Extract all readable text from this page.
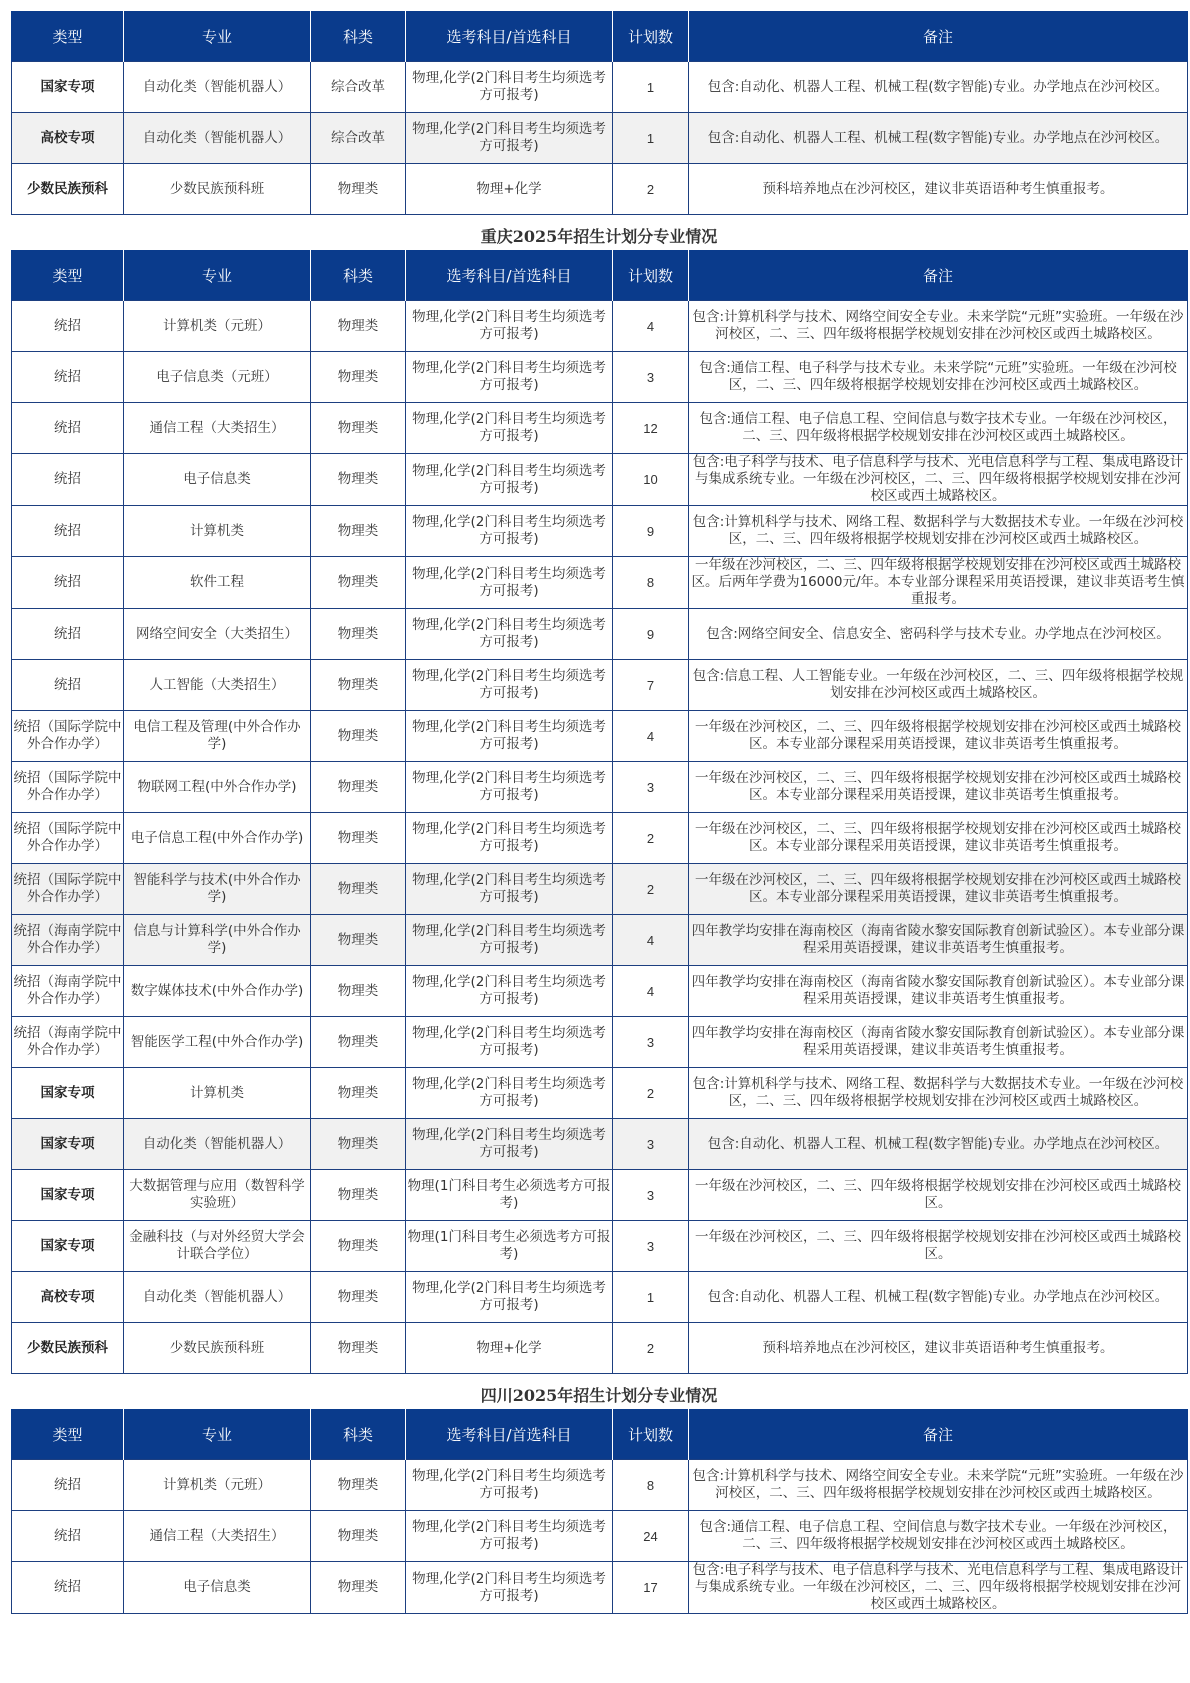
类型	专业	科类	选考科目/首选科目	计划数	备注
国家专项	自动化类（智能机器人）	综合改革	物理,化学(2门科目考生均须选考方可报考)	1	包含:自动化、机器人工程、机械工程(数字智能)专业。办学地点在沙河校区。
高校专项	自动化类（智能机器人）	综合改革	物理,化学(2门科目考生均须选考方可报考)	1	包含:自动化、机器人工程、机械工程(数字智能)专业。办学地点在沙河校区。
少数民族预科	少数民族预科班	物理类	物理+化学	2	预科培养地点在沙河校区，建议非英语语种考生慎重报考。
重庆2025年招生计划分专业情况
类型	专业	科类	选考科目/首选科目	计划数	备注
统招	计算机类（元班）	物理类	物理,化学(2门科目考生均须选考方可报考)	4	包含:计算机科学与技术、网络空间安全专业。未来学院“元班”实验班。一年级在沙河校区，二、三、四年级将根据学校规划安排在沙河校区或西土城路校区。
统招	电子信息类（元班）	物理类	物理,化学(2门科目考生均须选考方可报考)	3	包含:通信工程、电子科学与技术专业。未来学院“元班”实验班。一年级在沙河校区，二、三、四年级将根据学校规划安排在沙河校区或西土城路校区。
统招	通信工程（大类招生）	物理类	物理,化学(2门科目考生均须选考方可报考)	12	包含:通信工程、电子信息工程、空间信息与数字技术专业。一年级在沙河校区，二、三、四年级将根据学校规划安排在沙河校区或西土城路校区。
统招	电子信息类	物理类	物理,化学(2门科目考生均须选考方可报考)	10	包含:电子科学与技术、电子信息科学与技术、光电信息科学与工程、集成电路设计与集成系统专业。一年级在沙河校区，二、三、四年级将根据学校规划安排在沙河校区或西土城路校区。
统招	计算机类	物理类	物理,化学(2门科目考生均须选考方可报考)	9	包含:计算机科学与技术、网络工程、数据科学与大数据技术专业。一年级在沙河校区，二、三、四年级将根据学校规划安排在沙河校区或西土城路校区。
统招	软件工程	物理类	物理,化学(2门科目考生均须选考方可报考)	8	一年级在沙河校区，二、三、四年级将根据学校规划安排在沙河校区或西土城路校区。后两年学费为16000元/年。本专业部分课程采用英语授课，建议非英语考生慎重报考。
统招	网络空间安全（大类招生）	物理类	物理,化学(2门科目考生均须选考方可报考)	9	包含:网络空间安全、信息安全、密码科学与技术专业。办学地点在沙河校区。
统招	人工智能（大类招生）	物理类	物理,化学(2门科目考生均须选考方可报考)	7	包含:信息工程、人工智能专业。一年级在沙河校区，二、三、四年级将根据学校规划安排在沙河校区或西土城路校区。
统招（国际学院中外合作办学）	电信工程及管理(中外合作办学)	物理类	物理,化学(2门科目考生均须选考方可报考)	4	一年级在沙河校区，二、三、四年级将根据学校规划安排在沙河校区或西土城路校区。本专业部分课程采用英语授课，建议非英语考生慎重报考。
统招（国际学院中外合作办学）	物联网工程(中外合作办学)	物理类	物理,化学(2门科目考生均须选考方可报考)	3	一年级在沙河校区，二、三、四年级将根据学校规划安排在沙河校区或西土城路校区。本专业部分课程采用英语授课，建议非英语考生慎重报考。
统招（国际学院中外合作办学）	电子信息工程(中外合作办学)	物理类	物理,化学(2门科目考生均须选考方可报考)	2	一年级在沙河校区，二、三、四年级将根据学校规划安排在沙河校区或西土城路校区。本专业部分课程采用英语授课，建议非英语考生慎重报考。
统招（国际学院中外合作办学）	智能科学与技术(中外合作办学)	物理类	物理,化学(2门科目考生均须选考方可报考)	2	一年级在沙河校区，二、三、四年级将根据学校规划安排在沙河校区或西土城路校区。本专业部分课程采用英语授课，建议非英语考生慎重报考。
统招（海南学院中外合作办学）	信息与计算科学(中外合作办学)	物理类	物理,化学(2门科目考生均须选考方可报考)	4	四年教学均安排在海南校区（海南省陵水黎安国际教育创新试验区）。本专业部分课程采用英语授课，建议非英语考生慎重报考。
统招（海南学院中外合作办学）	数字媒体技术(中外合作办学)	物理类	物理,化学(2门科目考生均须选考方可报考)	4	四年教学均安排在海南校区（海南省陵水黎安国际教育创新试验区）。本专业部分课程采用英语授课，建议非英语考生慎重报考。
统招（海南学院中外合作办学）	智能医学工程(中外合作办学)	物理类	物理,化学(2门科目考生均须选考方可报考)	3	四年教学均安排在海南校区（海南省陵水黎安国际教育创新试验区）。本专业部分课程采用英语授课，建议非英语考生慎重报考。
国家专项	计算机类	物理类	物理,化学(2门科目考生均须选考方可报考)	2	包含:计算机科学与技术、网络工程、数据科学与大数据技术专业。一年级在沙河校区，二、三、四年级将根据学校规划安排在沙河校区或西土城路校区。
国家专项	自动化类（智能机器人）	物理类	物理,化学(2门科目考生均须选考方可报考)	3	包含:自动化、机器人工程、机械工程(数字智能)专业。办学地点在沙河校区。
国家专项	大数据管理与应用（数智科学实验班）	物理类	物理(1门科目考生必须选考方可报考)	3	一年级在沙河校区，二、三、四年级将根据学校规划安排在沙河校区或西土城路校区。
国家专项	金融科技（与对外经贸大学会计联合学位）	物理类	物理(1门科目考生必须选考方可报考)	3	一年级在沙河校区，二、三、四年级将根据学校规划安排在沙河校区或西土城路校区。
高校专项	自动化类（智能机器人）	物理类	物理,化学(2门科目考生均须选考方可报考)	1	包含:自动化、机器人工程、机械工程(数字智能)专业。办学地点在沙河校区。
少数民族预科	少数民族预科班	物理类	物理+化学	2	预科培养地点在沙河校区，建议非英语语种考生慎重报考。
四川2025年招生计划分专业情况
类型	专业	科类	选考科目/首选科目	计划数	备注
统招	计算机类（元班）	物理类	物理,化学(2门科目考生均须选考方可报考)	8	包含:计算机科学与技术、网络空间安全专业。未来学院“元班”实验班。一年级在沙河校区，二、三、四年级将根据学校规划安排在沙河校区或西土城路校区。
统招	通信工程（大类招生）	物理类	物理,化学(2门科目考生均须选考方可报考)	24	包含:通信工程、电子信息工程、空间信息与数字技术专业。一年级在沙河校区，二、三、四年级将根据学校规划安排在沙河校区或西土城路校区。
统招	电子信息类	物理类	物理,化学(2门科目考生均须选考方可报考)	17	包含:电子科学与技术、电子信息科学与技术、光电信息科学与工程、集成电路设计与集成系统专业。一年级在沙河校区，二、三、四年级将根据学校规划安排在沙河校区或西土城路校区。
